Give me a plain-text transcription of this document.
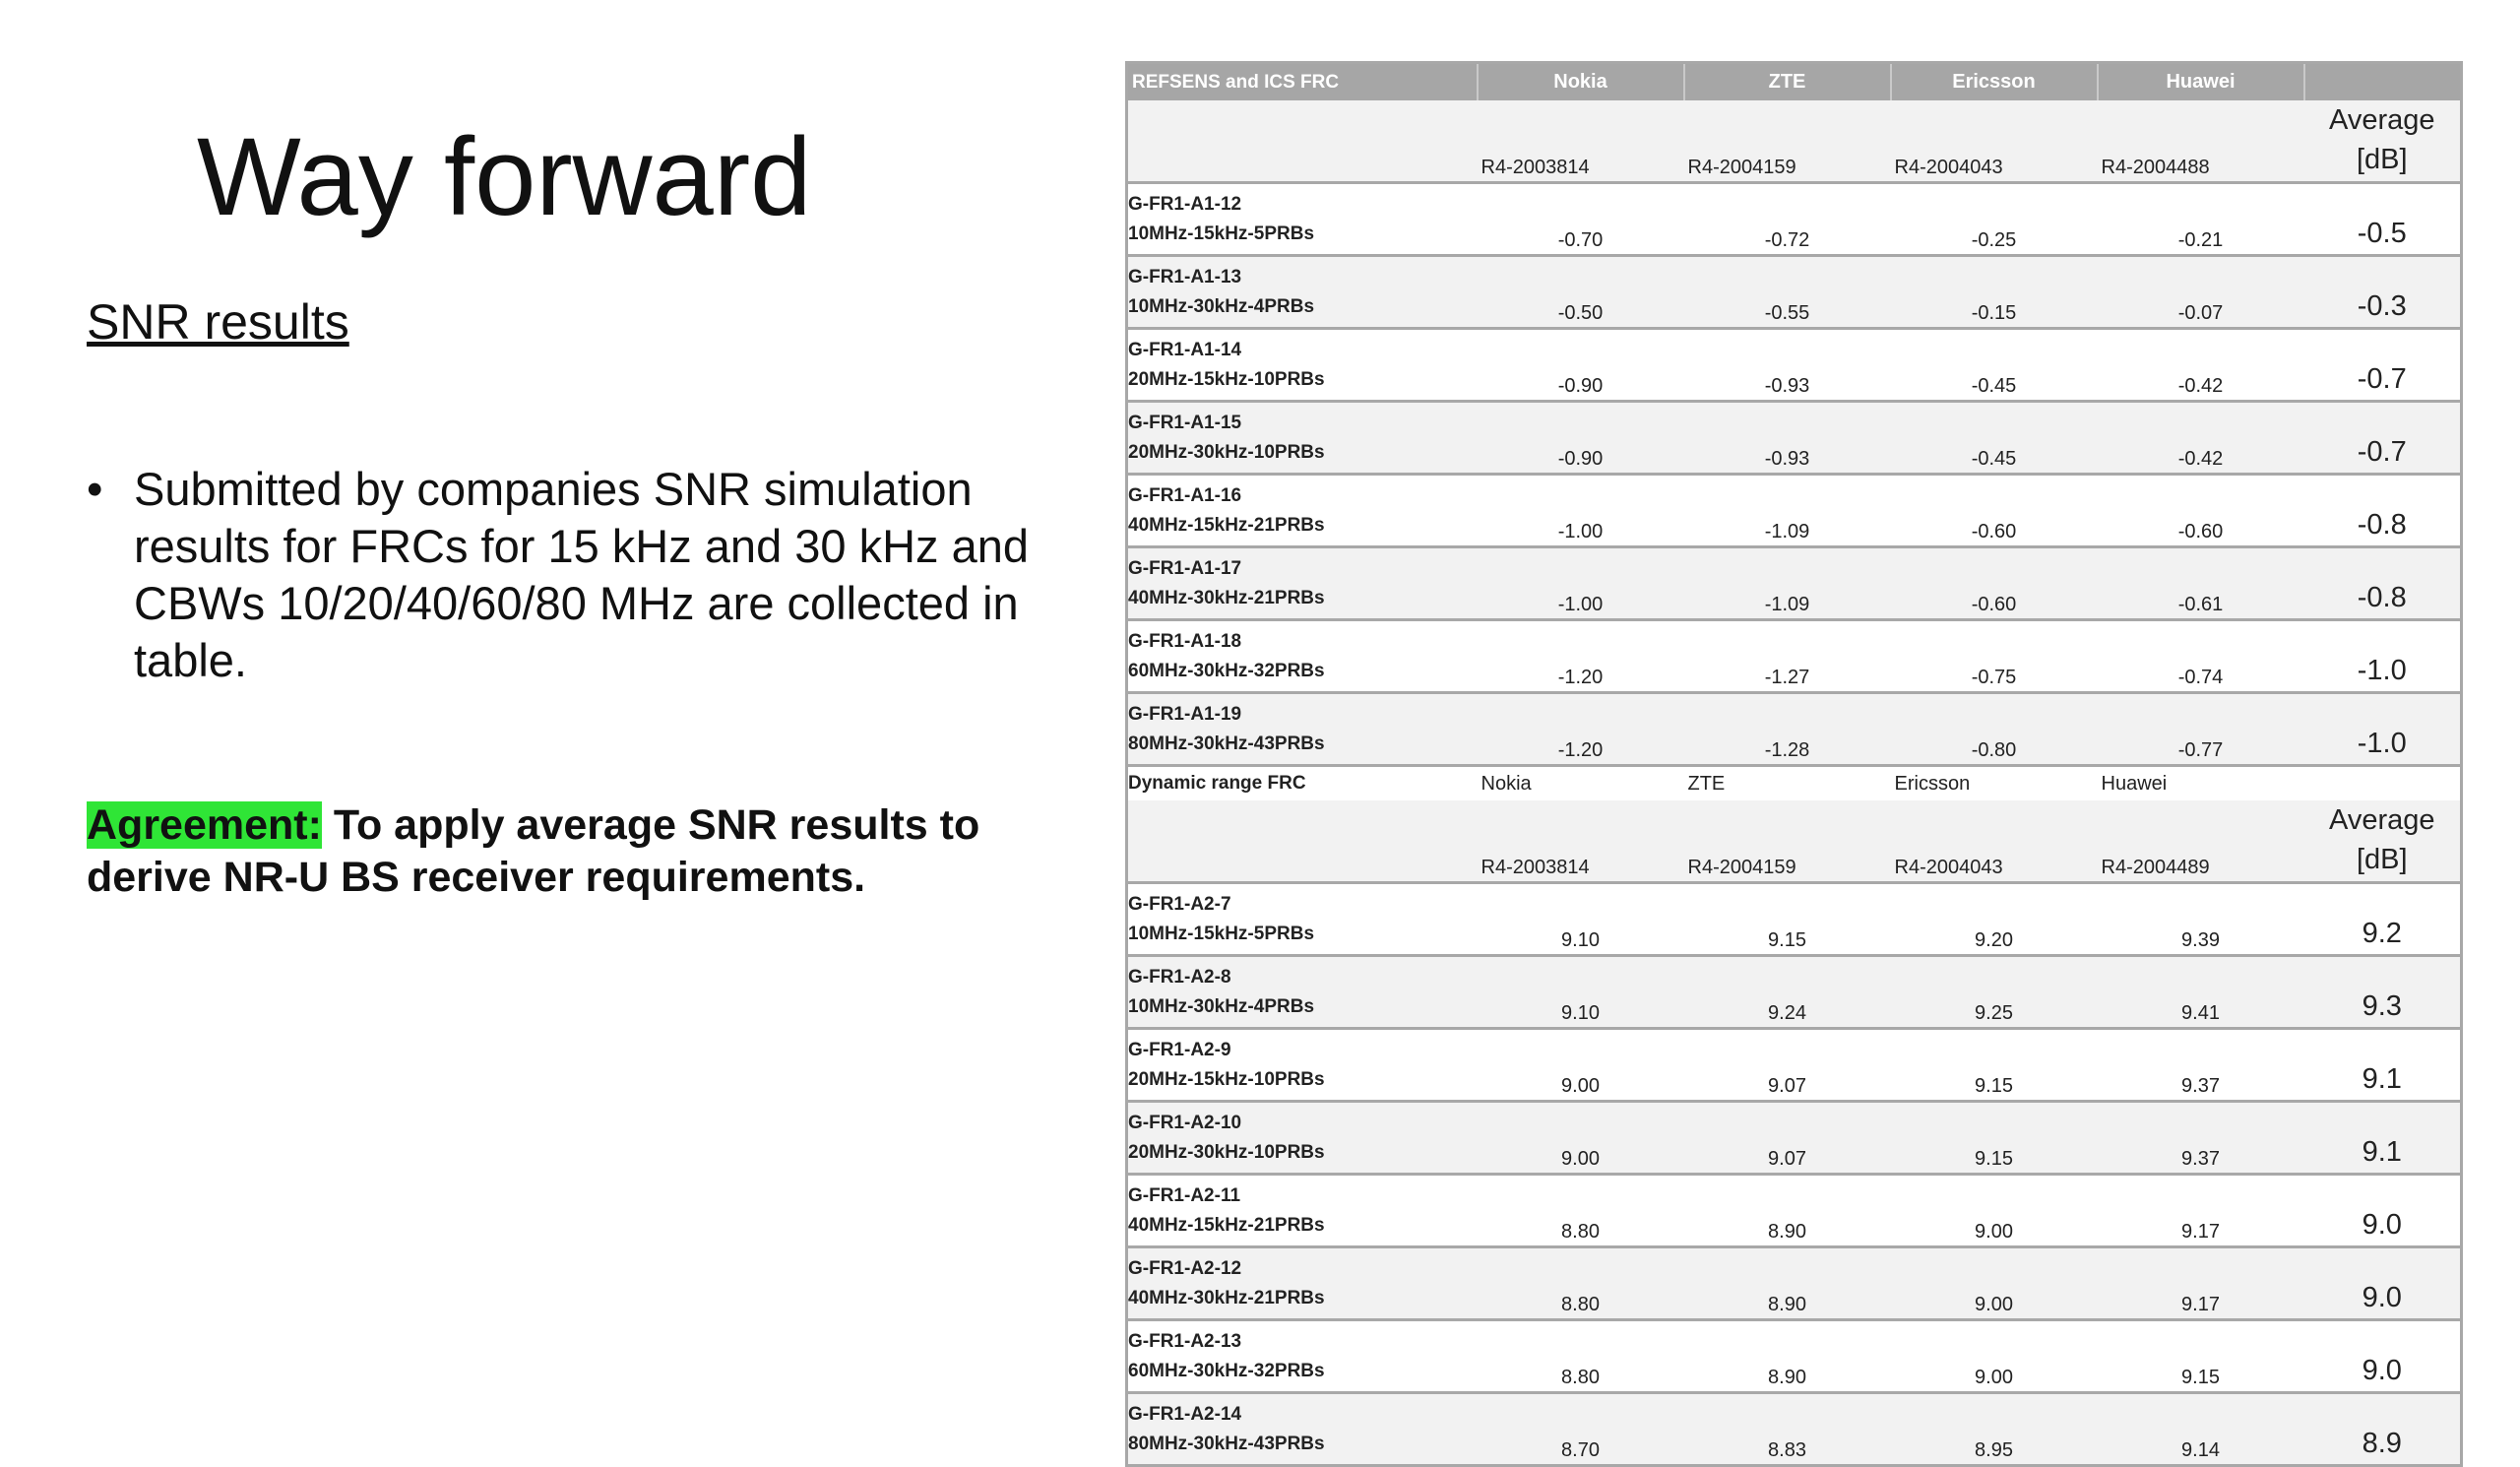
Way forward
SNR results
• Submitted by companies SNR simulation results for FRCs for 15 kHz and 30 kHz and CBWs 10/20/40/60/80 MHz are collected in table.
Agreement: To apply average SNR results to derive NR-U BS receiver requirements.
REFSENS and ICS FRC	Nokia	ZTE	Ericsson	Huawei	
	R4-2003814	R4-2004159	R4-2004043	R4-2004488	Average [dB]

G-FR1-A1-12
10MHz-15kHz-5PRBs	-0.70	-0.72	-0.25	-0.21	-0.5

G-FR1-A1-13
10MHz-30kHz-4PRBs	-0.50	-0.55	-0.15	-0.07	-0.3

G-FR1-A1-14
20MHz-15kHz-10PRBs	-0.90	-0.93	-0.45	-0.42	-0.7

G-FR1-A1-15
20MHz-30kHz-10PRBs	-0.90	-0.93	-0.45	-0.42	-0.7

G-FR1-A1-16
40MHz-15kHz-21PRBs	-1.00	-1.09	-0.60	-0.60	-0.8

G-FR1-A1-17
40MHz-30kHz-21PRBs	-1.00	-1.09	-0.60	-0.61	-0.8

G-FR1-A1-18
60MHz-30kHz-32PRBs	-1.20	-1.27	-0.75	-0.74	-1.0

G-FR1-A1-19
80MHz-30kHz-43PRBs	-1.20	-1.28	-0.80	-0.77	-1.0
Dynamic range FRC	Nokia	ZTE	Ericsson	Huawei	
	R4-2003814	R4-2004159	R4-2004043	R4-2004489	Average [dB]

G-FR1-A2-7
10MHz-15kHz-5PRBs	9.10	9.15	9.20	9.39	9.2

G-FR1-A2-8
10MHz-30kHz-4PRBs	9.10	9.24	9.25	9.41	9.3

G-FR1-A2-9
20MHz-15kHz-10PRBs	9.00	9.07	9.15	9.37	9.1

G-FR1-A2-10
20MHz-30kHz-10PRBs	9.00	9.07	9.15	9.37	9.1

G-FR1-A2-11
40MHz-15kHz-21PRBs	8.80	8.90	9.00	9.17	9.0

G-FR1-A2-12
40MHz-30kHz-21PRBs	8.80	8.90	9.00	9.17	9.0

G-FR1-A2-13
60MHz-30kHz-32PRBs	8.80	8.90	9.00	9.15	9.0

G-FR1-A2-14
80MHz-30kHz-43PRBs	8.70	8.83	8.95	9.14	8.9
